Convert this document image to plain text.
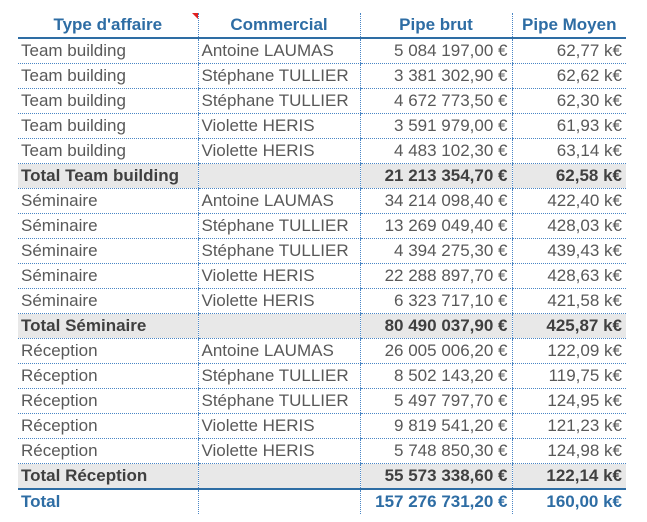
Type d'affaire	Commercial	Pipe brut	Pipe Moyen
Team building	Antoine LAUMAS	5 084 197,00 €	62,77 k€
Team building	Stéphane TULLIER	3 381 302,90 €	62,62 k€
Team building	Stéphane TULLIER	4 672 773,50 €	62,30 k€
Team building	Violette HERIS	3 591 979,00 €	61,93 k€
Team building	Violette HERIS	4 483 102,30 €	63,14 k€
Total Team building		21 213 354,70 €	62,58 k€
Séminaire	Antoine LAUMAS	34 214 098,40 €	422,40 k€
Séminaire	Stéphane TULLIER	13 269 049,40 €	428,03 k€
Séminaire	Stéphane TULLIER	4 394 275,30 €	439,43 k€
Séminaire	Violette HERIS	22 288 897,70 €	428,63 k€
Séminaire	Violette HERIS	6 323 717,10 €	421,58 k€
Total Séminaire		80 490 037,90 €	425,87 k€
Réception	Antoine LAUMAS	26 005 006,20 €	122,09 k€
Réception	Stéphane TULLIER	8 502 143,20 €	119,75 k€
Réception	Stéphane TULLIER	5 497 797,70 €	124,95 k€
Réception	Violette HERIS	9 819 541,20 €	121,23 k€
Réception	Violette HERIS	5 748 850,30 €	124,98 k€
Total Réception		55 573 338,60 €	122,14 k€
Total		157 276 731,20 €	160,00 k€
